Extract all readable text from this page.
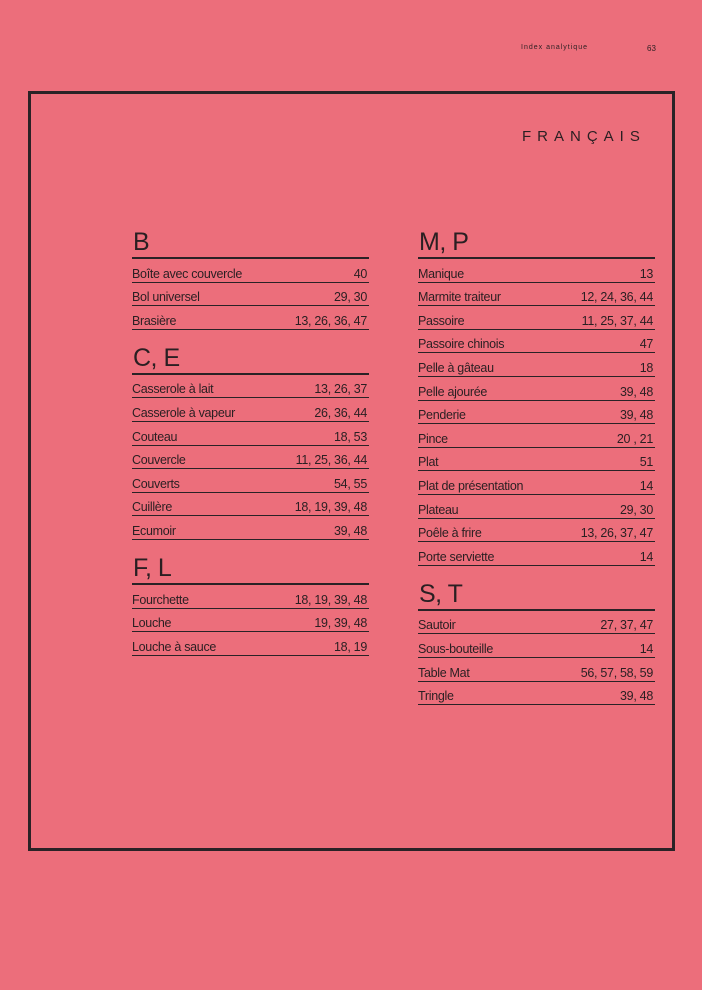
Index analytique	63
FRANÇAIS
B
Boîte avec couvercle	40
Bol universel	29, 30
Brasière	13, 26, 36, 47
C, E
Casserole à lait	13, 26, 37
Casserole à vapeur	26, 36, 44
Couteau	18, 53
Couvercle	11, 25, 36, 44
Couverts	54, 55
Cuillère	18, 19, 39, 48
Ecumoir	39, 48
F, L
Fourchette	18, 19, 39, 48
Louche	19, 39, 48
Louche à sauce	18, 19
M, P
Manique	13
Marmite traiteur	12, 24, 36, 44
Passoire	11, 25, 37, 44
Passoire chinois	47
Pelle à gâteau	18
Pelle ajourée	39, 48
Penderie	39, 48
Pince	20 , 21
Plat	51
Plat de présentation	14
Plateau	29, 30
Poêle à frire	13, 26, 37, 47
Porte serviette	14
S, T
Sautoir	27, 37, 47
Sous-bouteille	14
Table Mat	56, 57, 58, 59
Tringle	39, 48
